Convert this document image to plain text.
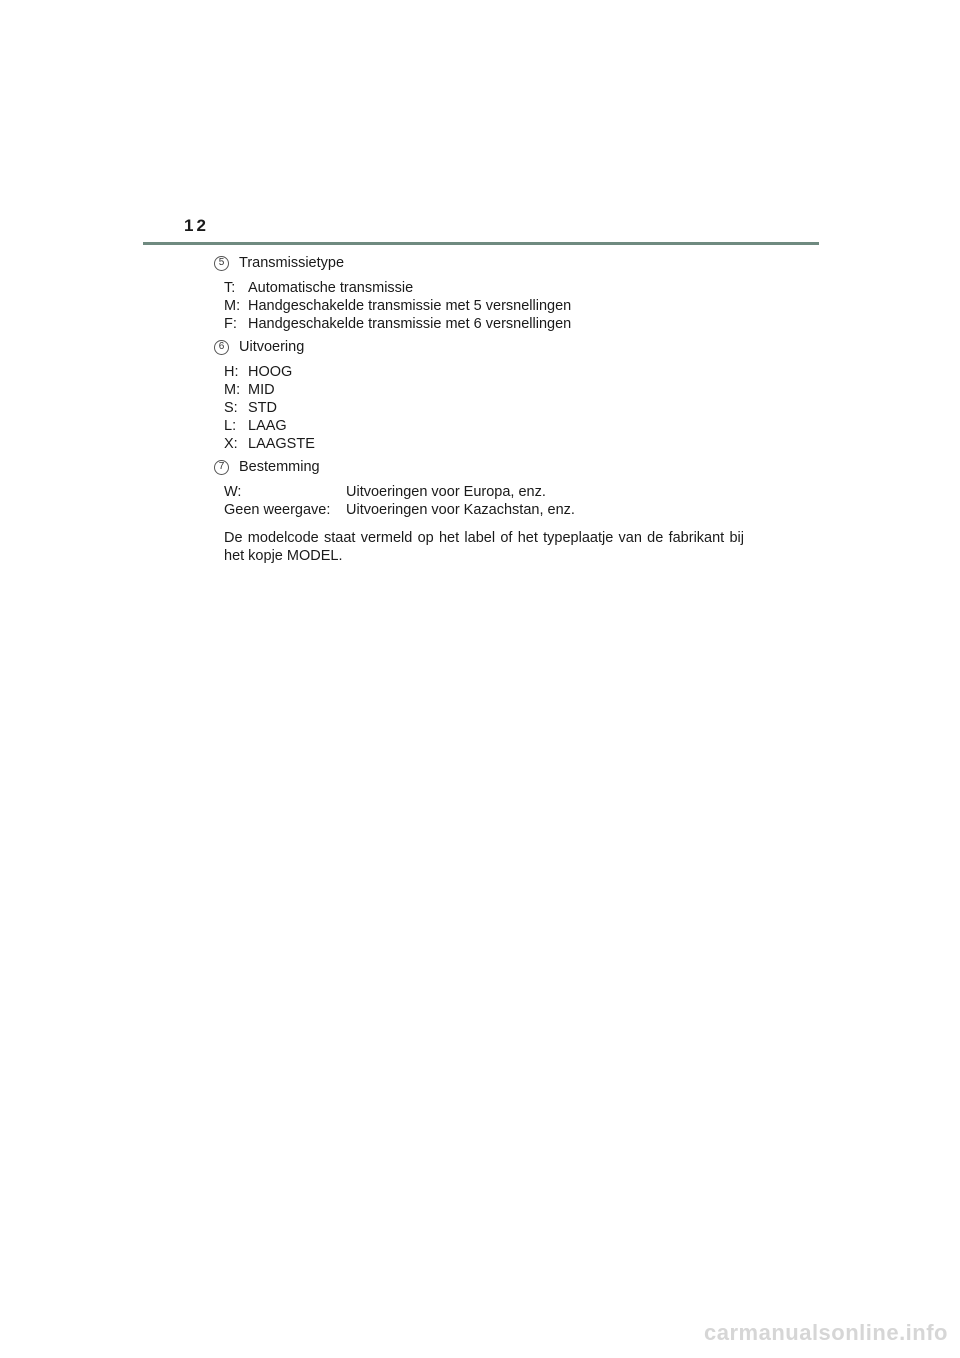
12
5	Transmissietype
T: Automatische transmissie
M: Handgeschakelde transmissie met 5 versnellingen
F: Handgeschakelde transmissie met 6 versnellingen
6	Uitvoering
H: HOOG
M: MID
S: STD
L: LAAG
X: LAAGSTE
7	Bestemming
W:	Uitvoeringen voor Europa, enz.
Geen weergave:	Uitvoeringen voor Kazachstan, enz.
De modelcode staat vermeld op het label of het typeplaatje van de fabrikant bij het kopje MODEL.
carmanualsonline.info
